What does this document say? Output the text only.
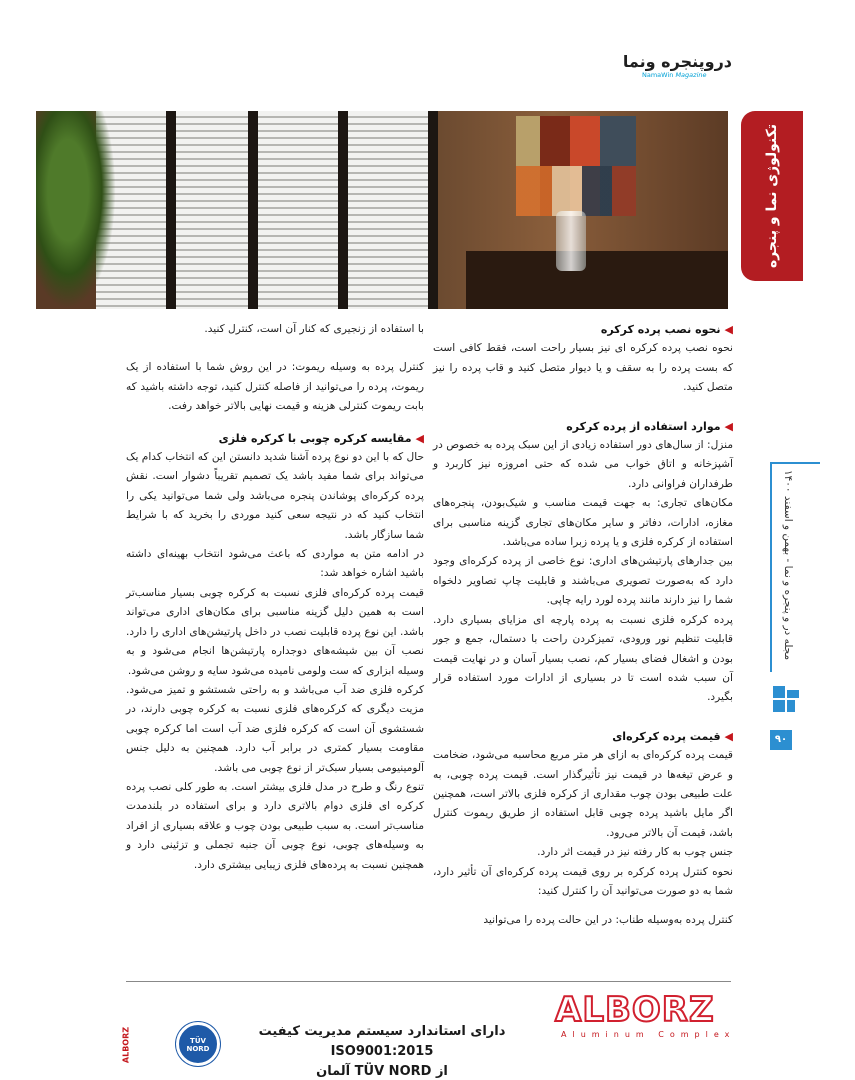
دروپنجره ونما
NamaWin Magazine
تکنولوژی نما و پنجره
مجله در و پنجره و نما - بهمن و اسفند ۱۴۰۰
۹۰
◀نحوه نصب پرده کرکره
نحوه نصب پرده کرکره ای نیز بسیار راحت است، فقط کافی است که بست پرده را به سقف و یا دیوار متصل کنید و قاب پرده را نیز متصل کنید.
◀موارد استفاده از پرده کرکره
منزل: از سال‌های دور استفاده زیادی از این سبک پرده به خصوص در آشپزخانه و اتاق خواب می شده که حتی امروزه نیز کاربرد و طرفداران فراوانی دارد.
مکان‌های تجاری: به جهت قیمت مناسب و شیک‌بودن، پنجره‌های مغازه، ادارات، دفاتر و سایر مکان‌های تجاری گزینه مناسبی برای استفاده از کرکره فلزی و یا پرده زبرا ساده می‌باشد.
بین جدارهای پارتیشن‌های اداری: نوع خاصی از پرده کرکره‌ای وجود دارد که به‌صورت تصویری می‌باشند و قابلیت چاپ تصاویر دلخواه شما را نیز دارند مانند پرده لورد رایه چاپی.
پرده کرکره فلزی نسبت به پرده پارچه ای مزایای بسیاری دارد. قابلیت تنظیم نور ورودی، تمیزکردن راحت با دستمال، جمع و جور بودن و اشغال فضای بسیار کم، نصب بسیار آسان و در نهایت قیمت آن سبب شده است تا در بسیاری از ادارات مورد استفاده قرار بگیرد.
◀قیمت پرده کرکره‌ای
قیمت پرده کرکره‌ای به ازای هر متر مربع محاسبه می‌شود، ضخامت و عرض تیغه‌ها در قیمت نیز تأثیرگذار است. قیمت پرده چوبی، به علت طبیعی بودن چوب مقداری از کرکره فلزی بالاتر است، همچنین اگر مایل باشید پرده چوبی قابل استفاده از طریق ریموت کنترل باشد، قیمت آن بالاتر می‌رود.
جنس چوب به کار رفته نیز در قیمت اثر دارد.
نحوه کنترل پرده کرکره بر روی قیمت پرده کرکره‌ای آن تأثیر دارد، شما به دو صورت می‌توانید آن را کنترل کنید:
کنترل پرده به‌وسیله طناب: در این حالت پرده را می‌توانید
با استفاده از زنجیری که کنار آن است، کنترل کنید.
کنترل پرده به وسیله ریموت: در این روش شما با استفاده از یک ریموت، پرده را می‌توانید از فاصله کنترل کنید، توجه داشته باشید که بابت ریموت کنترلی هزینه و قیمت نهایی بالاتر خواهد رفت.
◀مقایسه کرکره چوبی با کرکره فلزی
حال که با این دو نوع پرده آشنا شدید دانستن این که انتخاب کدام یک می‌تواند برای شما مفید باشد یک تصمیم تقریباً دشوار است. نقش پرده کرکره‌ای پوشاندن پنجره می‌باشد ولی شما می‌توانید یکی را انتخاب کنید که در نتیجه سعی کنید موردی را بخرید که با شرایط شما سازگار باشد.
در ادامه متن به مواردی که باعث می‌شود انتخاب بهینه‌ای داشته باشید اشاره خواهد شد:
قیمت پرده کرکره‌ای فلزی نسبت به کرکره چوبی بسیار مناسب‌تر است به همین دلیل گزینه مناسبی برای مکان‌های اداری می‌تواند باشد. این نوع پرده قابلیت نصب در داخل پارتیشن‌های اداری را دارد. نصب آن بین شیشه‌های دوجداره پارتیشن‌ها انجام می‌شود و به وسیله ابزاری که ست ولومی نامیده می‌شود سایه و روشن می‌شود.
کرکره فلزی ضد آب می‌باشد و به راحتی شستشو و تمیز می‌شود. مزیت دیگری که کرکره‌های فلزی نسبت به کرکره چوبی دارند، در شستشوی آن است که کرکره فلزی ضد آب است اما کرکره چوبی مقاومت بسیار کمتری در برابر آب دارد. همچنین به دلیل جنس آلومینیومی بسیار سبک‌تر از نوع چوبی می باشد.
تنوع رنگ و طرح در مدل فلزی بیشتر است. به طور کلی نصب پرده کرکره ای فلزی دوام بالاتری دارد و برای استفاده در بلندمدت مناسب‌تر است. به سبب طبیعی بودن چوب و علاقه بسیاری از افراد به وسیله‌های چوبی، نوع چوبی آن جنبه تجملی و تزئینی دارد و همچنین نسبت به پرده‌های فلزی زیبایی بیشتری دارد.
ALBORZ
Aluminum Complex
دارای استاندارد سیستم مدیریت کیفیت ISO9001:2015
از TÜV NORD آلمان
TÜV NORD
ALBORZ
